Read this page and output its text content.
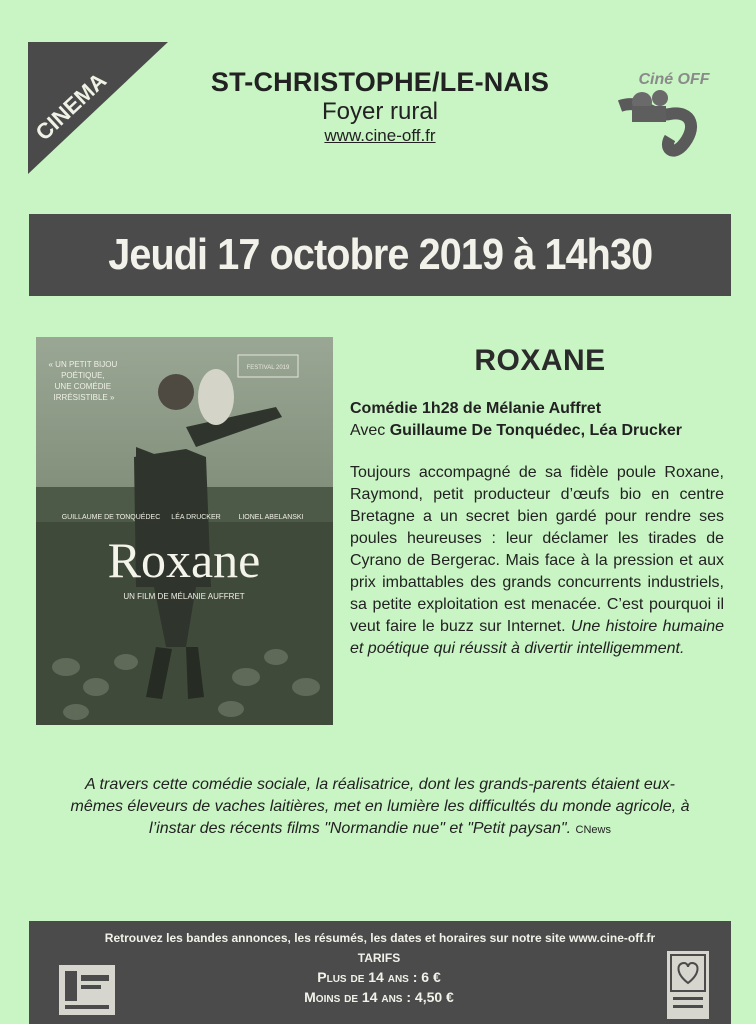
CINEMA	ST-CHRISTOPHE/LE-NAIS
Foyer rural
www.cine-off.fr
Ciné OFF
Jeudi 17 octobre 2019 à 14h30
« UN PETIT BIJOU POÉTIQUE, UNE COMÉDIE IRRÉSISTIBLE »
FESTIVAL 2019
GUILLAUME DE TONQUÉDEC LÉA DRUCKER	LIONEL ABELANSKI
Roxane
UN FILM DE MÉLANIE AUFFRET
ROXANE
Comédie 1h28 de Mélanie Auffret
Avec Guillaume De Tonquédec, Léa Drucker
Toujours accompagné de sa fidèle poule Roxane, Raymond, petit producteur d’œufs bio en centre Bretagne a un secret bien gardé pour rendre ses poules heureuses : leur déclamer les tirades de Cyrano de Bergerac. Mais face à la pression et aux prix imbattables des grands concurrents industriels, sa petite exploitation est menacée. C’est pourquoi il veut faire le buzz sur Internet. Une histoire humaine et poétique qui réussit à divertir intelligemment.
A travers cette comédie sociale, la réalisatrice, dont les grands-parents étaient eux-mêmes éleveurs de vaches laitières, met en lumière les difficultés du monde agricole, à l’instar des récents films "Normandie nue" et "Petit paysan". CNews
Retrouvez les bandes annonces, les résumés, les dates et horaires sur notre site www.cine-off.fr
TARIFS
Plus de 14 ans : 6 €
Moins de 14 ans : 4,50 €
